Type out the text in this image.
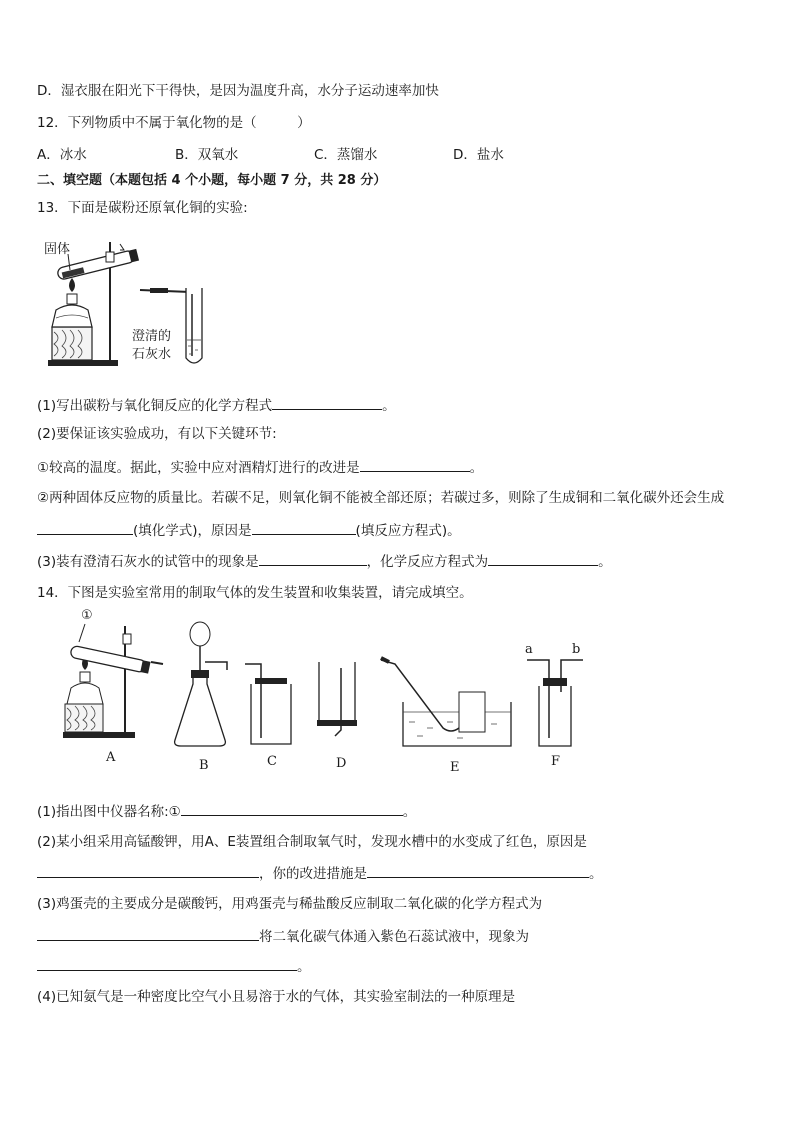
D．湿衣服在阳光下干得快，是因为温度升高，水分子运动速率加快
12．下列物质中不属于氧化物的是（　　　）
A．冰水	B．双氧水	C．蒸馏水	D．盐水
二、填空题（本题包括 4 个小题，每小题 7 分，共 28 分）
13．下面是碳粉还原氧化铜的实验:
固体
澄清的
石灰水
(1)写出碳粉与氧化铜反应的化学方程式	。
(2)要保证该实验成功，有以下关键环节:
①较高的温度。据此，实验中应对酒精灯进行的改进是	。
②两种固体反应物的质量比。若碳不足，则氧化铜不能被全部还原；若碳过多，则除了生成铜和二氧化碳外还会生成
(填化学式)，原因是	(填反应方程式)。
(3)装有澄清石灰水的试管中的现象是	，化学反应方程式为	。
14．下图是实验室常用的制取气体的发生装置和收集装置，请完成填空。
①
A
B	C	D	E	F
a	b
(1)指出图中仪器名称:①	。
(2)某小组采用高锰酸钾，用A、E装置组合制取氧气时，发现水槽中的水变成了红色，原因是
，你的改进措施是	。
(3)鸡蛋壳的主要成分是碳酸钙，用鸡蛋壳与稀盐酸反应制取二氧化碳的化学方程式为
将二氧化碳气体通入紫色石蕊试液中，现象为
。
(4)已知氨气是一种密度比空气小且易溶于水的气体，其实验室制法的一种原理是
